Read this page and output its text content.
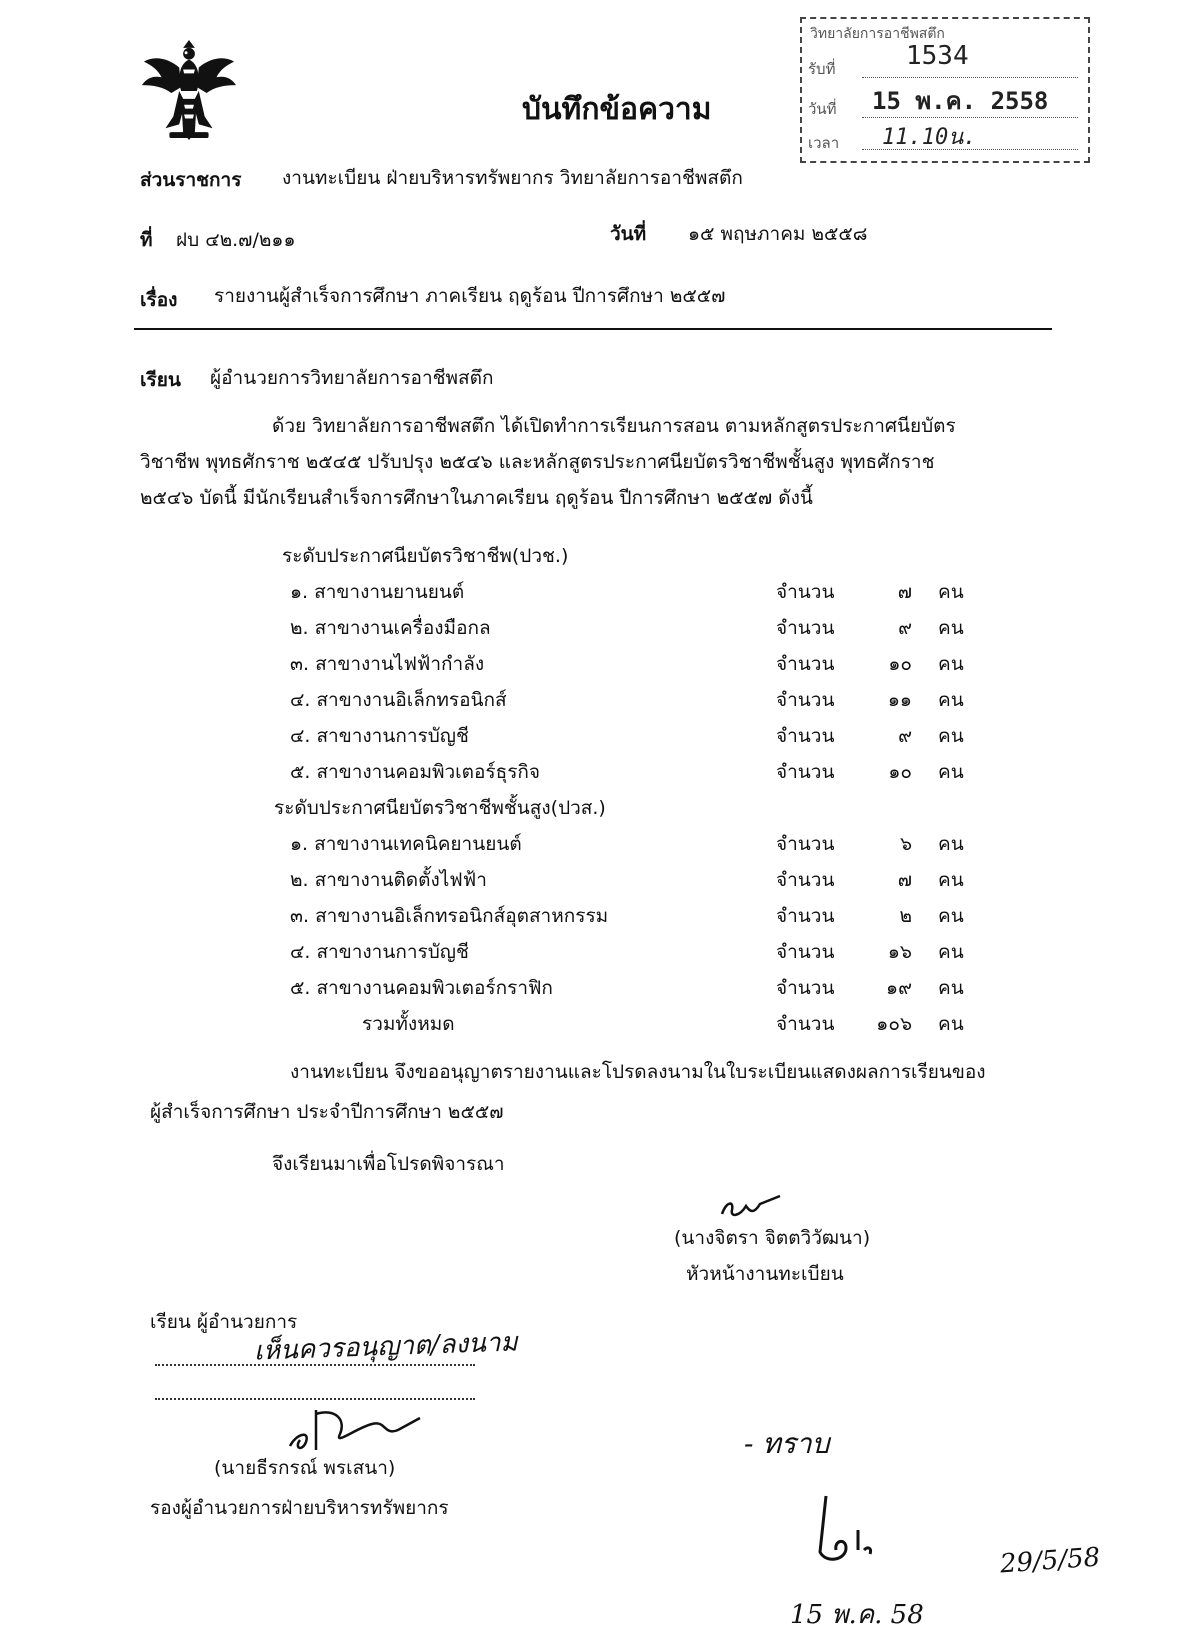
บันทึกข้อความ
วิทยาลัยการอาชีพสตึก
รับที่	1534
วันที่ 15 พ.ค. 2558
เวลา 11.10น.
ส่วนราชการ งานทะเบียน ฝ่ายบริหารทรัพยากร วิทยาลัยการอาชีพสตึก
ที่ ฝบ ๔๒.๗/๒๑๑	วันที่ ๑๕ พฤษภาคม ๒๕๕๘
เรื่อง รายงานผู้สำเร็จการศึกษา ภาคเรียน ฤดูร้อน ปีการศึกษา ๒๕๕๗
เรียน ผู้อำนวยการวิทยาลัยการอาชีพสตึก
ด้วย วิทยาลัยการอาชีพสตึก ได้เปิดทำการเรียนการสอน ตามหลักสูตรประกาศนียบัตร
วิชาชีพ พุทธศักราช ๒๕๔๕ ปรับปรุง ๒๕๔๖ และหลักสูตรประกาศนียบัตรวิชาชีพชั้นสูง พุทธศักราช
๒๕๔๖ บัดนี้ มีนักเรียนสำเร็จการศึกษาในภาคเรียน ฤดูร้อน ปีการศึกษา ๒๕๕๗ ดังนี้
ระดับประกาศนียบัตรวิชาชีพ(ปวช.)
๑. สาขางานยานยนต์	จำนวน	๗ คน
๒. สาขางานเครื่องมือกล	จำนวน	๙ คน
๓. สาขางานไฟฟ้ากำลัง	จำนวน	๑๐ คน
๔. สาขางานอิเล็กทรอนิกส์	จำนวน	๑๑ คน
๔. สาขางานการบัญชี	จำนวน	๙ คน
๕. สาขางานคอมพิวเตอร์ธุรกิจ	จำนวน	๑๐ คน
ระดับประกาศนียบัตรวิชาชีพชั้นสูง(ปวส.)
๑. สาขางานเทคนิคยานยนต์	จำนวน	๖ คน
๒. สาขางานติดตั้งไฟฟ้า	จำนวน	๗ คน
๓. สาขางานอิเล็กทรอนิกส์อุตสาหกรรม	จำนวน	๒ คน
๔. สาขางานการบัญชี	จำนวน	๑๖ คน
๕. สาขางานคอมพิวเตอร์กราฟิก	จำนวน	๑๙ คน
รวมทั้งหมด	จำนวน ๑๐๖ คน
งานทะเบียน จึงขออนุญาตรายงานและโปรดลงนามในใบระเบียนแสดงผลการเรียนของ
ผู้สำเร็จการศึกษา ประจำปีการศึกษา ๒๕๕๗
จึงเรียนมาเพื่อโปรดพิจารณา
(นางจิตรา จิตตวิวัฒนา)
หัวหน้างานทะเบียน
เรียน ผู้อำนวยการ
เห็นควรอนุญาต/ลงนาม
(นายธีรกรณ์ พรเสนา)
รองผู้อำนวยการฝ่ายบริหารทรัพยากร
- ทราบ
15 พ.ค. 58
29/5/58
